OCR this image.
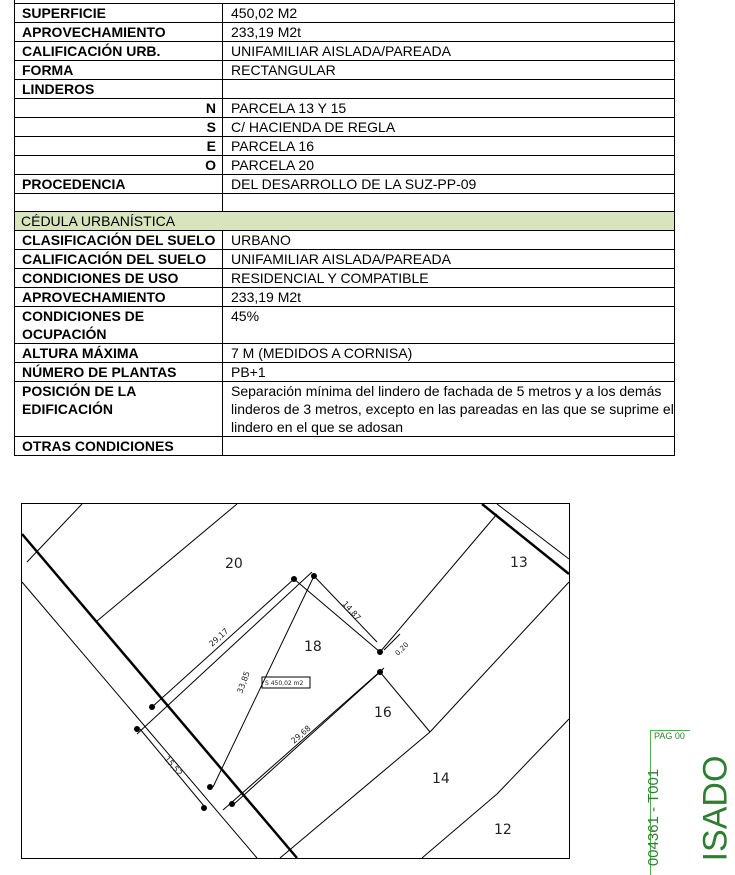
SUPERFICIE	450,02 M2
APROVECHAMIENTO	233,19 M2t
CALIFICACIÓN URB.	UNIFAMILIAR AISLADA/PAREADA
FORMA	RECTANGULAR
LINDEROS	
N	PARCELA 13 Y 15
S	C/ HACIENDA DE REGLA
E	PARCELA 16
O	PARCELA 20
PROCEDENCIA	DEL DESARROLLO DE LA SUZ-PP-09

CÉDULA URBANÍSTICA	
CLASIFICACIÓN DEL SUELO	URBANO
CALIFICACIÓN DEL SUELO	UNIFAMILIAR AISLADA/PAREADA
CONDICIONES DE USO	RESIDENCIAL Y COMPATIBLE
APROVECHAMIENTO	233,19 M2t
CONDICIONES DE OCUPACIÓN	45%
ALTURA MÁXIMA	7 M (MEDIDOS A CORNISA)
NÚMERO DE PLANTAS	PB+1
POSICIÓN DE LA EDIFICACIÓN	Separación mínima del lindero de fachada de 5 metros y a los demás linderos de 3 metros, excepto en las pareadas en las que se suprime el lindero en el que se adosan
OTRAS CONDICIONES	
20	13
18
16
14
12
29,17
14,87
0,20
33,85
29,68
15,52
S 450,02 m2
PAG 00
004361 - T001 ISADO
